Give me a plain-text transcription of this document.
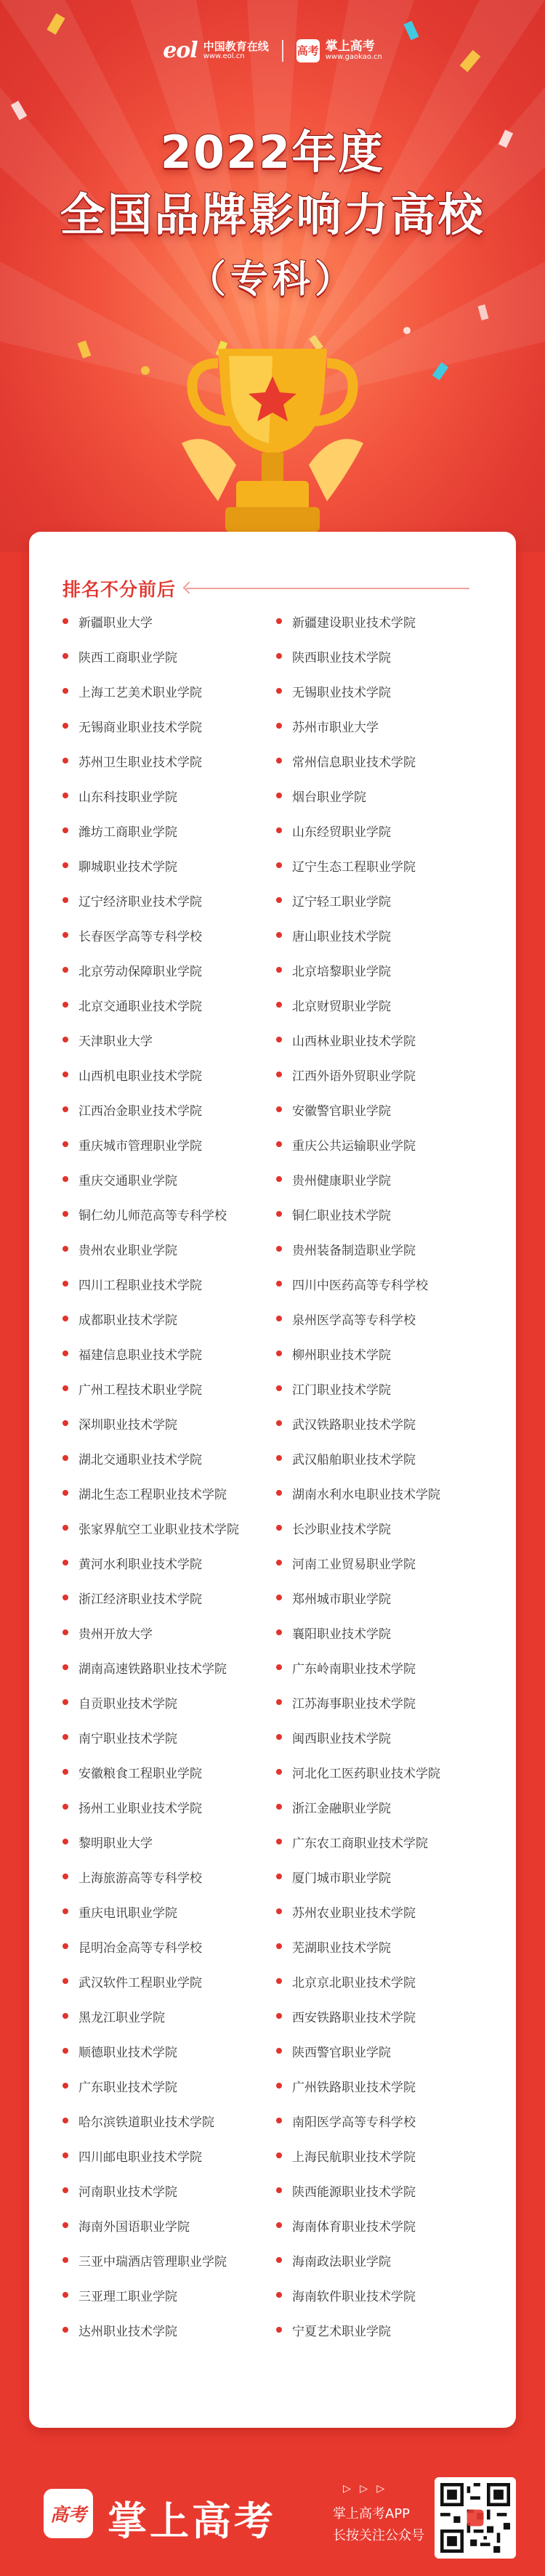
eol 中国教育在线
www.eol.cn	高考 掌上高考
www.gaokao.cn
2022年度
全国品牌影响力高校
（专科）
排名不分前后
新疆职业大学	新疆建设职业技术学院
陕西工商职业学院	陕西职业技术学院
上海工艺美术职业学院	无锡职业技术学院
无锡商业职业技术学院	苏州市职业大学
苏州卫生职业技术学院	常州信息职业技术学院
山东科技职业学院	烟台职业学院
潍坊工商职业学院	山东经贸职业学院
聊城职业技术学院	辽宁生态工程职业学院
辽宁经济职业技术学院	辽宁轻工职业学院
长春医学高等专科学校	唐山职业技术学院
北京劳动保障职业学院	北京培黎职业学院
北京交通职业技术学院	北京财贸职业学院
天津职业大学	山西林业职业技术学院
山西机电职业技术学院	江西外语外贸职业学院
江西冶金职业技术学院	安徽警官职业学院
重庆城市管理职业学院	重庆公共运输职业学院
重庆交通职业学院	贵州健康职业学院
铜仁幼儿师范高等专科学校	铜仁职业技术学院
贵州农业职业学院	贵州装备制造职业学院
四川工程职业技术学院	四川中医药高等专科学校
成都职业技术学院	泉州医学高等专科学校
福建信息职业技术学院	柳州职业技术学院
广州工程技术职业学院	江门职业技术学院
深圳职业技术学院	武汉铁路职业技术学院
湖北交通职业技术学院	武汉船舶职业技术学院
湖北生态工程职业技术学院	湖南水利水电职业技术学院
张家界航空工业职业技术学院	长沙职业技术学院
黄河水利职业技术学院	河南工业贸易职业学院
浙江经济职业技术学院	郑州城市职业学院
贵州开放大学	襄阳职业技术学院
湖南高速铁路职业技术学院	广东岭南职业技术学院
自贡职业技术学院	江苏海事职业技术学院
南宁职业技术学院	闽西职业技术学院
安徽粮食工程职业学院	河北化工医药职业技术学院
扬州工业职业技术学院	浙江金融职业学院
黎明职业大学	广东农工商职业技术学院
上海旅游高等专科学校	厦门城市职业学院
重庆电讯职业学院	苏州农业职业技术学院
昆明冶金高等专科学校	芜湖职业技术学院
武汉软件工程职业学院	北京京北职业技术学院
黑龙江职业学院	西安铁路职业技术学院
顺德职业技术学院	陕西警官职业学院
广东职业技术学院	广州铁路职业技术学院
哈尔滨铁道职业技术学院	南阳医学高等专科学校
四川邮电职业技术学院	上海民航职业技术学院
河南职业技术学院	陕西能源职业技术学院
海南外国语职业学院	海南体育职业技术学院
三亚中瑞酒店管理职业学院	海南政法职业学院
三亚理工职业学院	海南软件职业技术学院
达州职业技术学院	宁夏艺术职业学院
高考 掌上高考
▷ ▷ ▷
掌上高考APP
长按关注公众号
